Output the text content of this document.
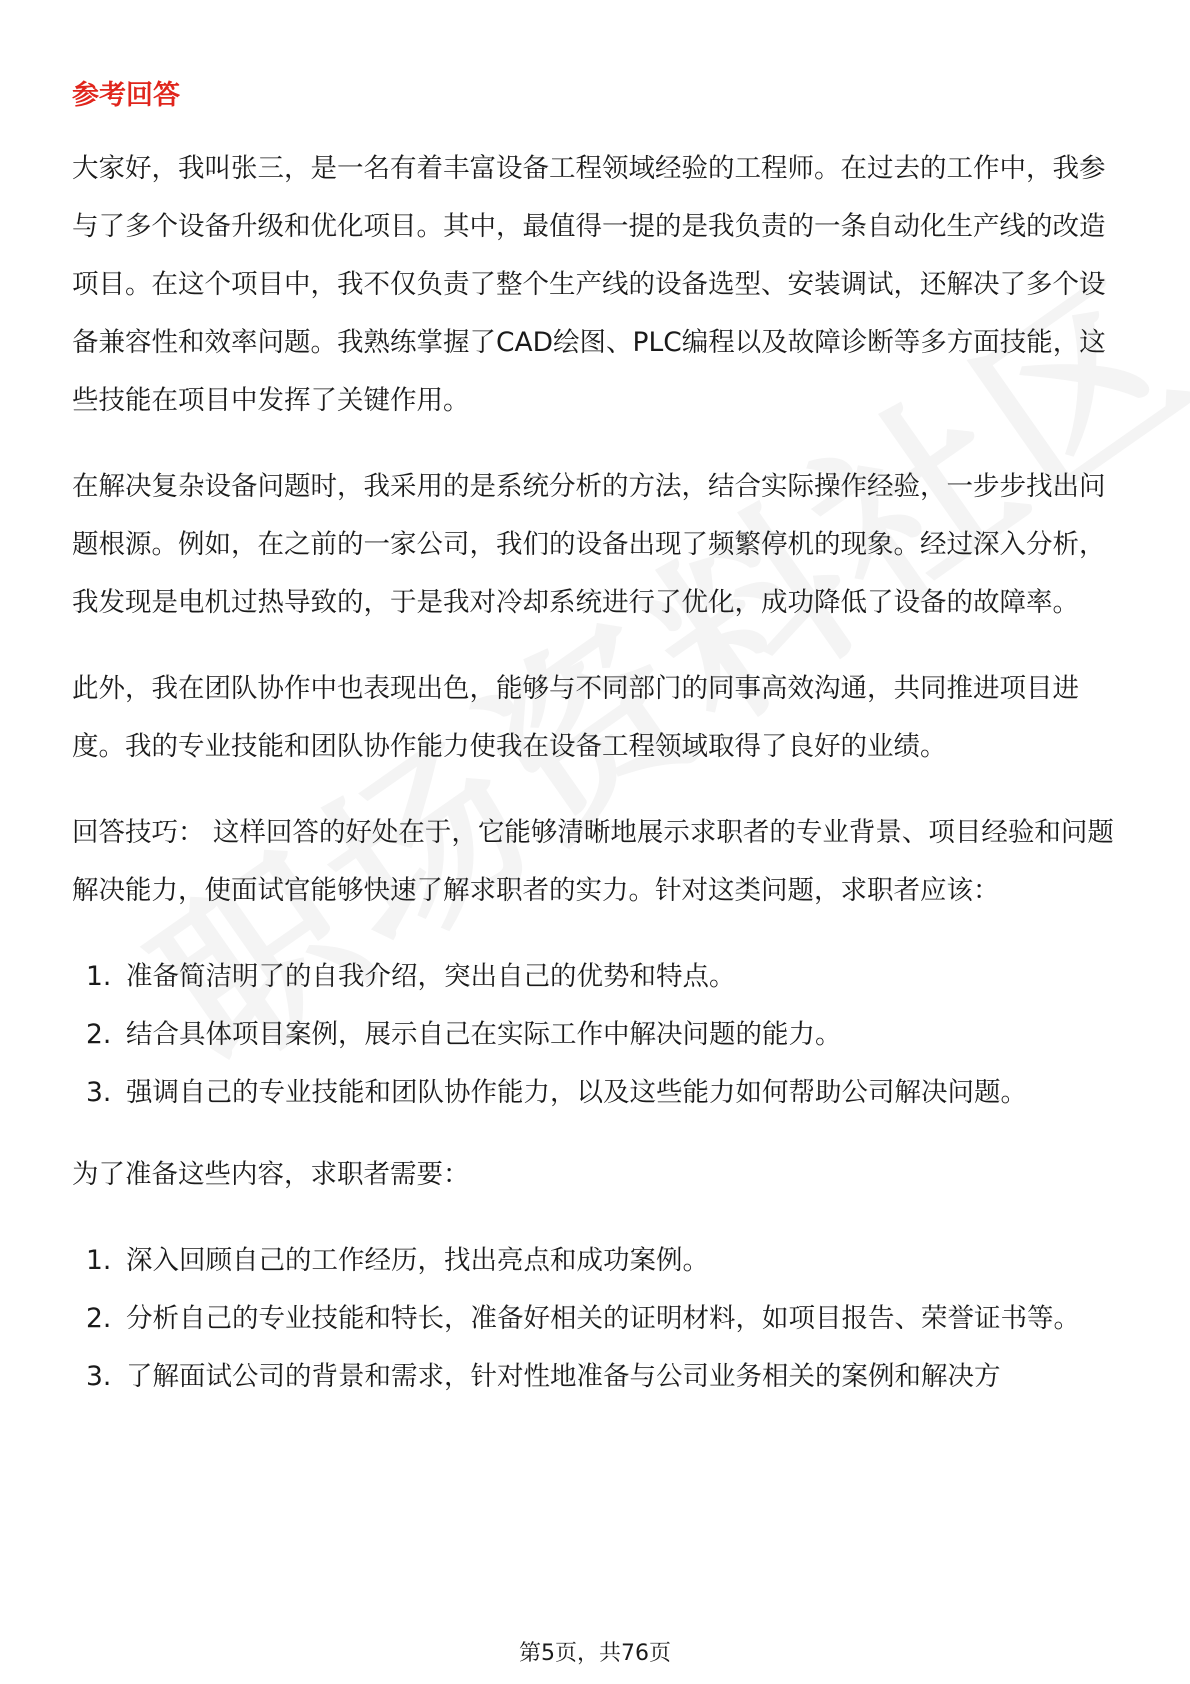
参考回答

大家好，我叫张三，是一名有着丰富设备工程领域经验的工程师。在过去的工作中，我参与了多个设备升级和优化项目。其中，最值得一提的是我负责的一条自动化生产线的改造项目。在这个项目中，我不仅负责了整个生产线的设备选型、安装调试，还解决了多个设备兼容性和效率问题。我熟练掌握了CAD绘图、PLC编程以及故障诊断等多方面技能，这些技能在项目中发挥了关键作用。

在解决复杂设备问题时，我采用的是系统分析的方法，结合实际操作经验，一步步找出问题根源。例如，在之前的一家公司，我们的设备出现了频繁停机的现象。经过深入分析，我发现是电机过热导致的，于是我对冷却系统进行了优化，成功降低了设备的故障率。

此外，我在团队协作中也表现出色，能够与不同部门的同事高效沟通，共同推进项目进度。我的专业技能和团队协作能力使我在设备工程领域取得了良好的业绩。

回答技巧： 这样回答的好处在于，它能够清晰地展示求职者的专业背景、项目经验和问题解决能力，使面试官能够快速了解求职者的实力。针对这类问题，求职者应该：

1. 准备简洁明了的自我介绍，突出自己的优势和特点。
2. 结合具体项目案例，展示自己在实际工作中解决问题的能力。
3. 强调自己的专业技能和团队协作能力，以及这些能力如何帮助公司解决问题。

为了准备这些内容，求职者需要：

1. 深入回顾自己的工作经历，找出亮点和成功案例。
2. 分析自己的专业技能和特长，准备好相关的证明材料，如项目报告、荣誉证书等。
3. 了解面试公司的背景和需求，针对性地准备与公司业务相关的案例和解决方
第5页，共76页
